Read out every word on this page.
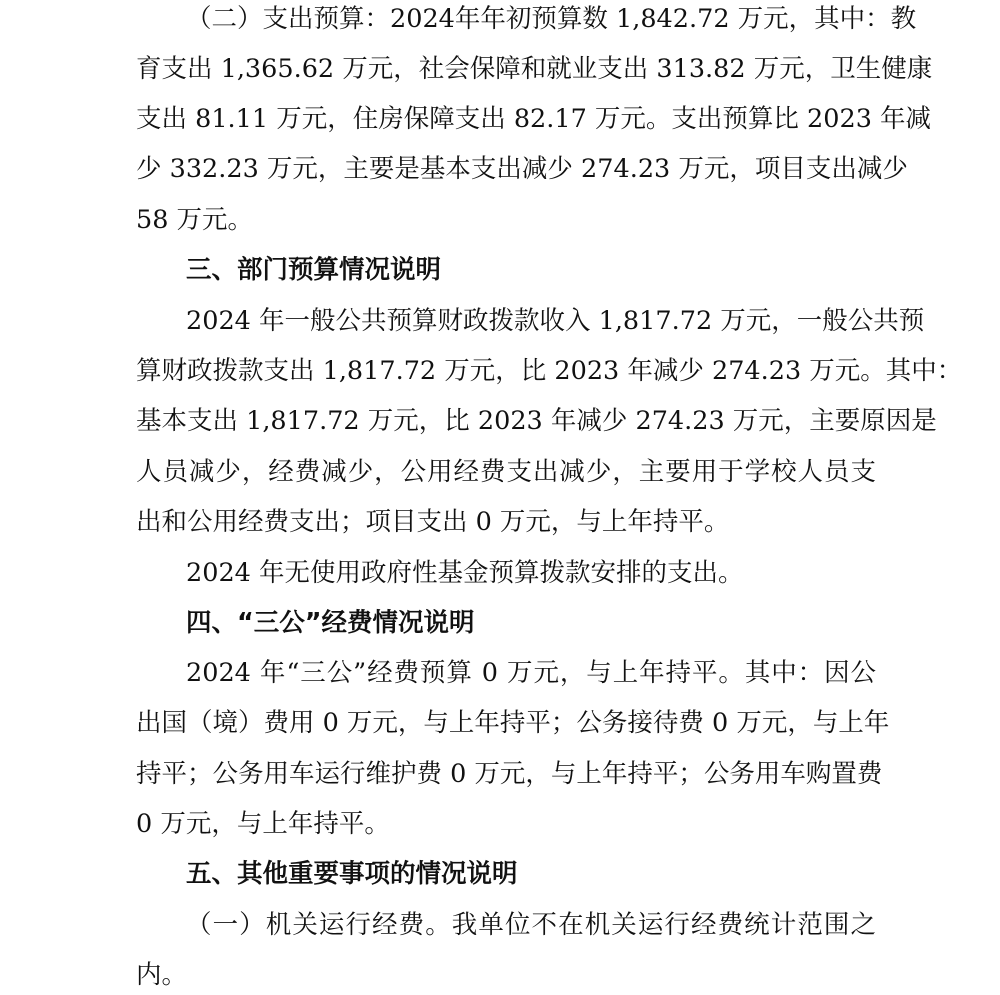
（二）支出预算：2024年年初预算数 1,842.72 万元，其中：教
育支出 1,365.62 万元，社会保障和就业支出 313.82 万元，卫生健康
支出 81.11 万元，住房保障支出 82.17 万元。支出预算比 2023 年减
少 332.23 万元，主要是基本支出减少 274.23 万元，项目支出减少
58 万元。
三、部门预算情况说明
2024 年一般公共预算财政拨款收入 1,817.72 万元，一般公共预
算财政拨款支出 1,817.72 万元，比 2023 年减少 274.23 万元。其中：
基本支出 1,817.72 万元，比 2023 年减少 274.23 万元，主要原因是
人员减少，经费减少，公用经费支出减少，主要用于学校人员支
出和公用经费支出；项目支出 0 万元，与上年持平。
2024 年无使用政府性基金预算拨款安排的支出。
四、“三公”经费情况说明
2024 年“三公”经费预算 0 万元，与上年持平。其中：因公
出国（境）费用 0 万元，与上年持平；公务接待费 0 万元，与上年
持平；公务用车运行维护费 0 万元，与上年持平；公务用车购置费
0 万元，与上年持平。
五、其他重要事项的情况说明
（一）机关运行经费。我单位不在机关运行经费统计范围之
内。
